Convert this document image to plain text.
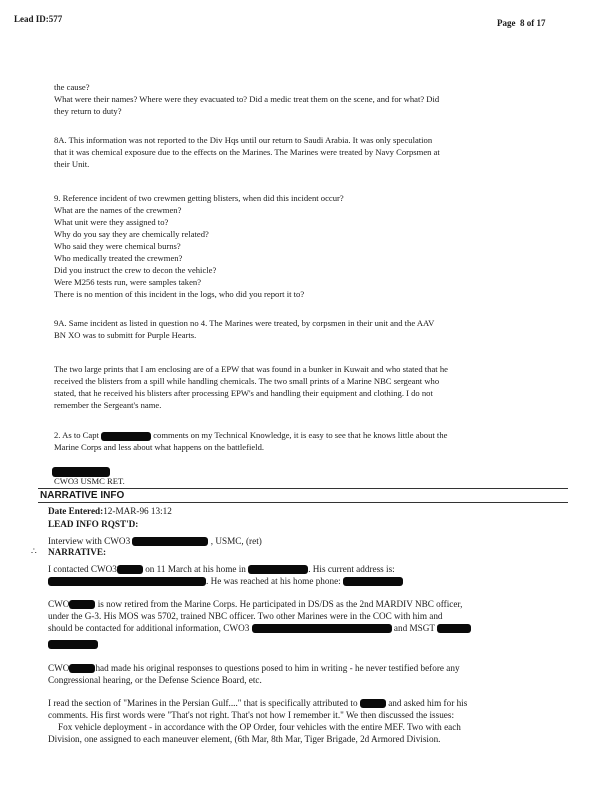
Lead ID:577	Page 8 of 17
the cause?
What were their names? Where were they evacuated to? Did a medic treat them on the scene, and for what? Did
they return to duty?
8A. This information was not reported to the Div Hqs until our return to Saudi Arabia. It was only speculation
that it was chemical exposure due to the effects on the Marines. The Marines were treated by Navy Corpsmen at
their Unit.
9. Reference incident of two crewmen getting blisters, when did this incident occur?
What are the names of the crewmen?
What unit were they assigned to?
Why do you say they are chemically related?
Who said they were chemical burns?
Who medically treated the crewmen?
Did you instruct the crew to decon the vehicle?
Were M256 tests run, were samples taken?
There is no mention of this incident in the logs, who did you report it to?
9A. Same incident as listed in question no 4. The Marines were treated, by corpsmen in their unit and the AAV
BN XO was to submitt for Purple Hearts.
The two large prints that I am enclosing are of a EPW that was found in a bunker in Kuwait and who stated that he
received the blisters from a spill while handling chemicals. The two small prints of a Marine NBC sergeant who
stated, that he received his blisters after processing EPW's and handling their equipment and clothing. I do not
remember the Sergeant's name.
2. As to Capt	comments on my Technical Knowledge, it is easy to see that he knows little about the
Marine Corps and less about what happens on the battlefield.
CWO3 USMC RET.
NARRATIVE INFO
Date Entered:12-MAR-96 13:12
LEAD INFO RQST'D:
Interview with CWO3	, USMC, (ret)
∴ NARRATIVE:
I contacted CWO3	on 11 March at his home in	. His current address is:
. He was reached at his home phone:
CWO	is now retired from the Marine Corps. He participated in DS/DS as the 2nd MARDIV NBC officer,
under the G-3. His MOS was 5702, trained NBC officer. Two other Marines were in the COC with him and
should be contacted for additional information, CWO3	and MSGT
CWO	had made his original responses to questions posed to him in writing - he never testified before any
Congressional hearing, or the Defense Science Board, etc.
I read the section of "Marines in the Persian Gulf...." that is specifically attributed to	and asked him for his
comments. His first words were "That's not right. That's not how I remember it." We then discussed the issues:
Fox vehicle deployment - in accordance with the OP Order, four vehicles with the entire MEF. Two with each
Division, one assigned to each maneuver element, (6th Mar, 8th Mar, Tiger Brigade, 2d Armored Division.
